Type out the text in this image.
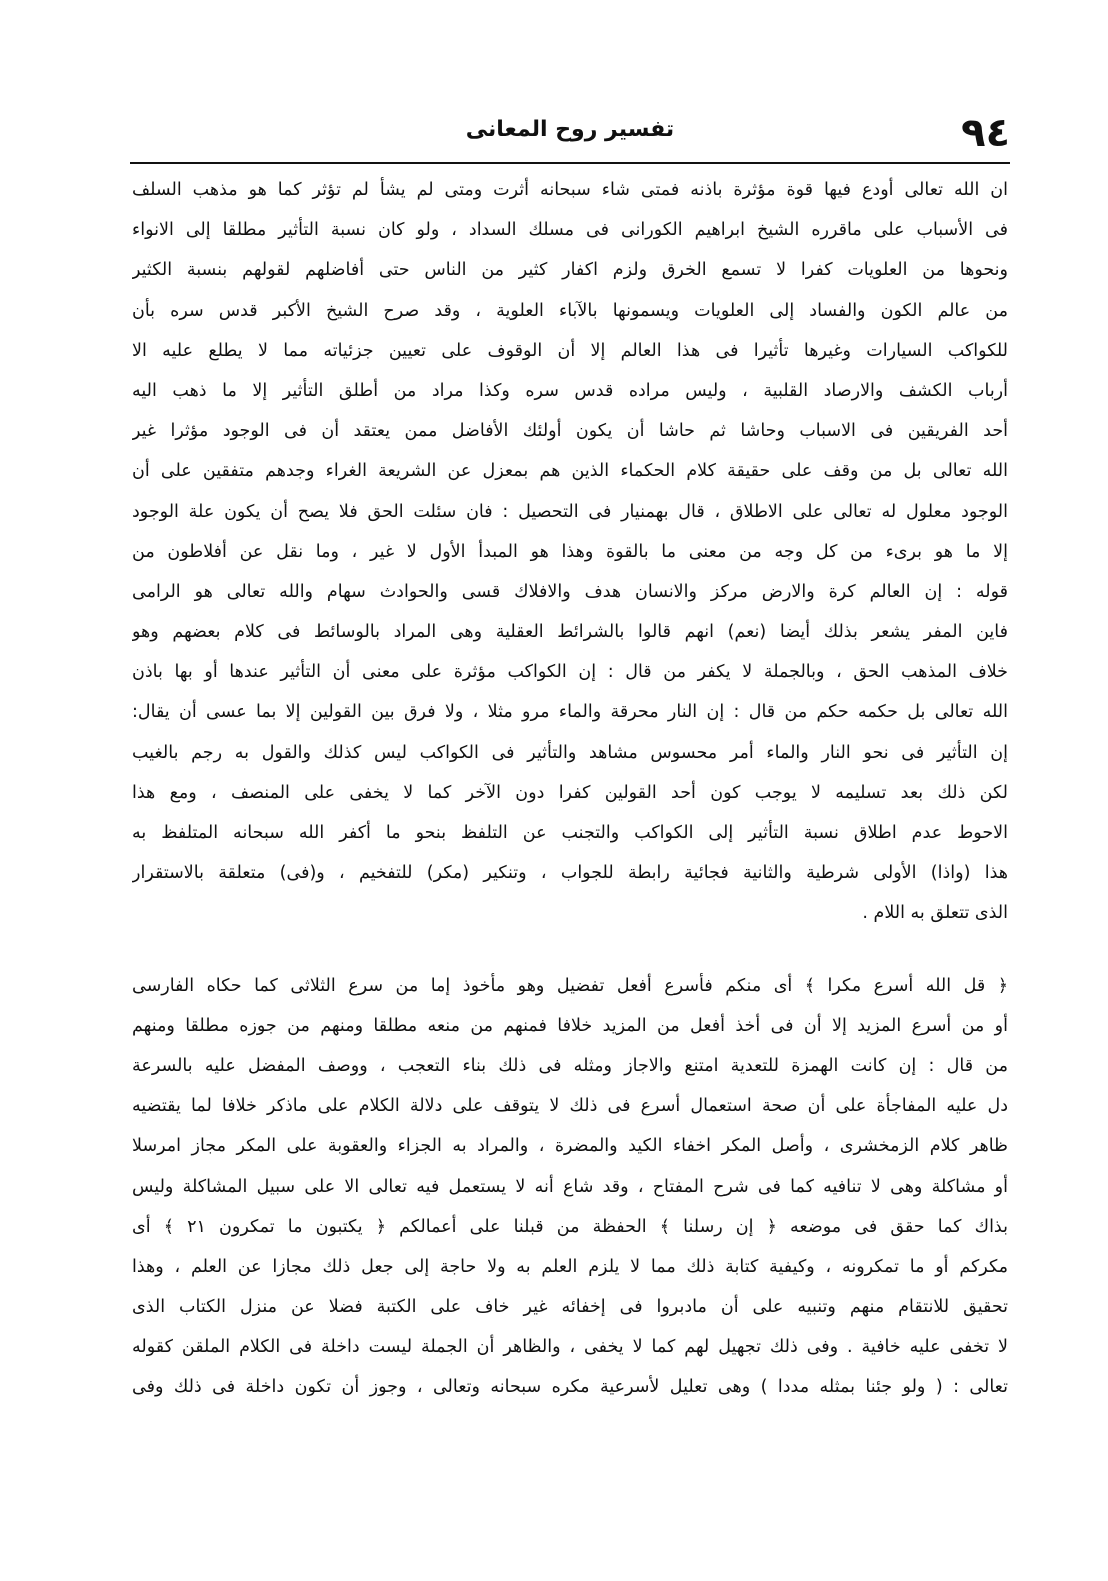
٩٤
تفسير روح المعانى
ان الله تعالى أودع فيها قوة مؤثرة باذنه فمتى شاء سبحانه أثرت ومتى لم يشأ لم تؤثر كما هو مذهب السلف
فى الأسباب على ماقرره الشيخ ابراهيم الكورانى فى مسلك السداد ، ولو كان نسبة التأثير مطلقا إلى الانواء
ونحوها من العلويات كفرا لا تسمع الخرق ولزم اكفار كثير من الناس حتى أفاضلهم لقولهم بنسبة الكثير
من عالم الكون والفساد إلى العلويات ويسمونها بالآباء العلوية ، وقد صرح الشيخ الأكبر قدس سره بأن
للكواكب السيارات وغيرها تأثيرا فى هذا العالم إلا أن الوقوف على تعيين جزئياته مما لا يطلع عليه الا
أرباب الكشف والارصاد القلبية ، وليس مراده قدس سره وكذا مراد من أطلق التأثير إلا ما ذهب اليه
أحد الفريقين فى الاسباب وحاشا ثم حاشا أن يكون أولئك الأفاضل ممن يعتقد أن فى الوجود مؤثرا غير
الله تعالى بل من وقف على حقيقة كلام الحكماء الذين هم بمعزل عن الشريعة الغراء وجدهم متفقين على أن
الوجود معلول له تعالى على الاطلاق ، قال بهمنيار فى التحصيل : فان سئلت الحق فلا يصح أن يكون علة الوجود
إلا ما هو برىء من كل وجه من معنى ما بالقوة وهذا هو المبدأ الأول لا غير ، وما نقل عن أفلاطون من
قوله : إن العالم كرة والارض مركز والانسان هدف والافلاك قسى والحوادث سهام والله تعالى هو الرامى
فاين المفر يشعر بذلك أيضا (نعم) انهم قالوا بالشرائط العقلية وهى المراد بالوسائط فى كلام بعضهم وهو
خلاف المذهب الحق ، وبالجملة لا يكفر من قال : إن الكواكب مؤثرة على معنى أن التأثير عندها أو بها باذن
الله تعالى بل حكمه حكم من قال : إن النار محرقة والماء مرو مثلا ، ولا فرق بين القولين إلا بما عسى أن يقال:
إن التأثير فى نحو النار والماء أمر محسوس مشاهد والتأثير فى الكواكب ليس كذلك والقول به رجم بالغيب
لكن ذلك بعد تسليمه لا يوجب كون أحد القولين كفرا دون الآخر كما لا يخفى على المنصف ، ومع هذا
الاحوط عدم اطلاق نسبة التأثير إلى الكواكب والتجنب عن التلفظ بنحو ما أكفر الله سبحانه المتلفظ به
هذا (واذا) الأولى شرطية والثانية فجائية رابطة للجواب ، وتنكير (مكر) للتفخيم ، و(فى) متعلقة بالاستقرار
الذى تتعلق به اللام .
﴿ قل الله أسرع مكرا ﴾ أى منكم فأسرع أفعل تفضيل وهو مأخوذ إما من سرع الثلاثى كما حكاه الفارسى
أو من أسرع المزيد إلا أن فى أخذ أفعل من المزيد خلافا فمنهم من منعه مطلقا ومنهم من جوزه مطلقا ومنهم
من قال : إن كانت الهمزة للتعدية امتنع والاجاز ومثله فى ذلك بناء التعجب ، ووصف المفضل عليه بالسرعة
دل عليه المفاجأة على أن صحة استعمال أسرع فى ذلك لا يتوقف على دلالة الكلام على ماذكر خلافا لما يقتضيه
ظاهر كلام الزمخشرى ، وأصل المكر اخفاء الكيد والمضرة ، والمراد به الجزاء والعقوبة على المكر مجاز امرسلا
أو مشاكلة وهى لا تنافيه كما فى شرح المفتاح ، وقد شاع أنه لا يستعمل فيه تعالى الا على سبيل المشاكلة وليس
بذاك كما حقق فى موضعه ﴿ إن رسلنا ﴾ الحفظة من قبلنا على أعمالكم ﴿ يكتبون ما تمكرون ٢١ ﴾ أى
مكركم أو ما تمكرونه ، وكيفية كتابة ذلك مما لا يلزم العلم به ولا حاجة إلى جعل ذلك مجازا عن العلم ، وهذا
تحقيق للانتقام منهم وتنبيه على أن مادبروا فى إخفائه غير خاف على الكتبة فضلا عن منزل الكتاب الذى
لا تخفى عليه خافية . وفى ذلك تجهيل لهم كما لا يخفى ، والظاهر أن الجملة ليست داخلة فى الكلام الملقن كقوله
تعالى : ( ولو جئنا بمثله مددا ) وهى تعليل لأسرعية مكره سبحانه وتعالى ، وجوز أن تكون داخلة فى ذلك وفى
